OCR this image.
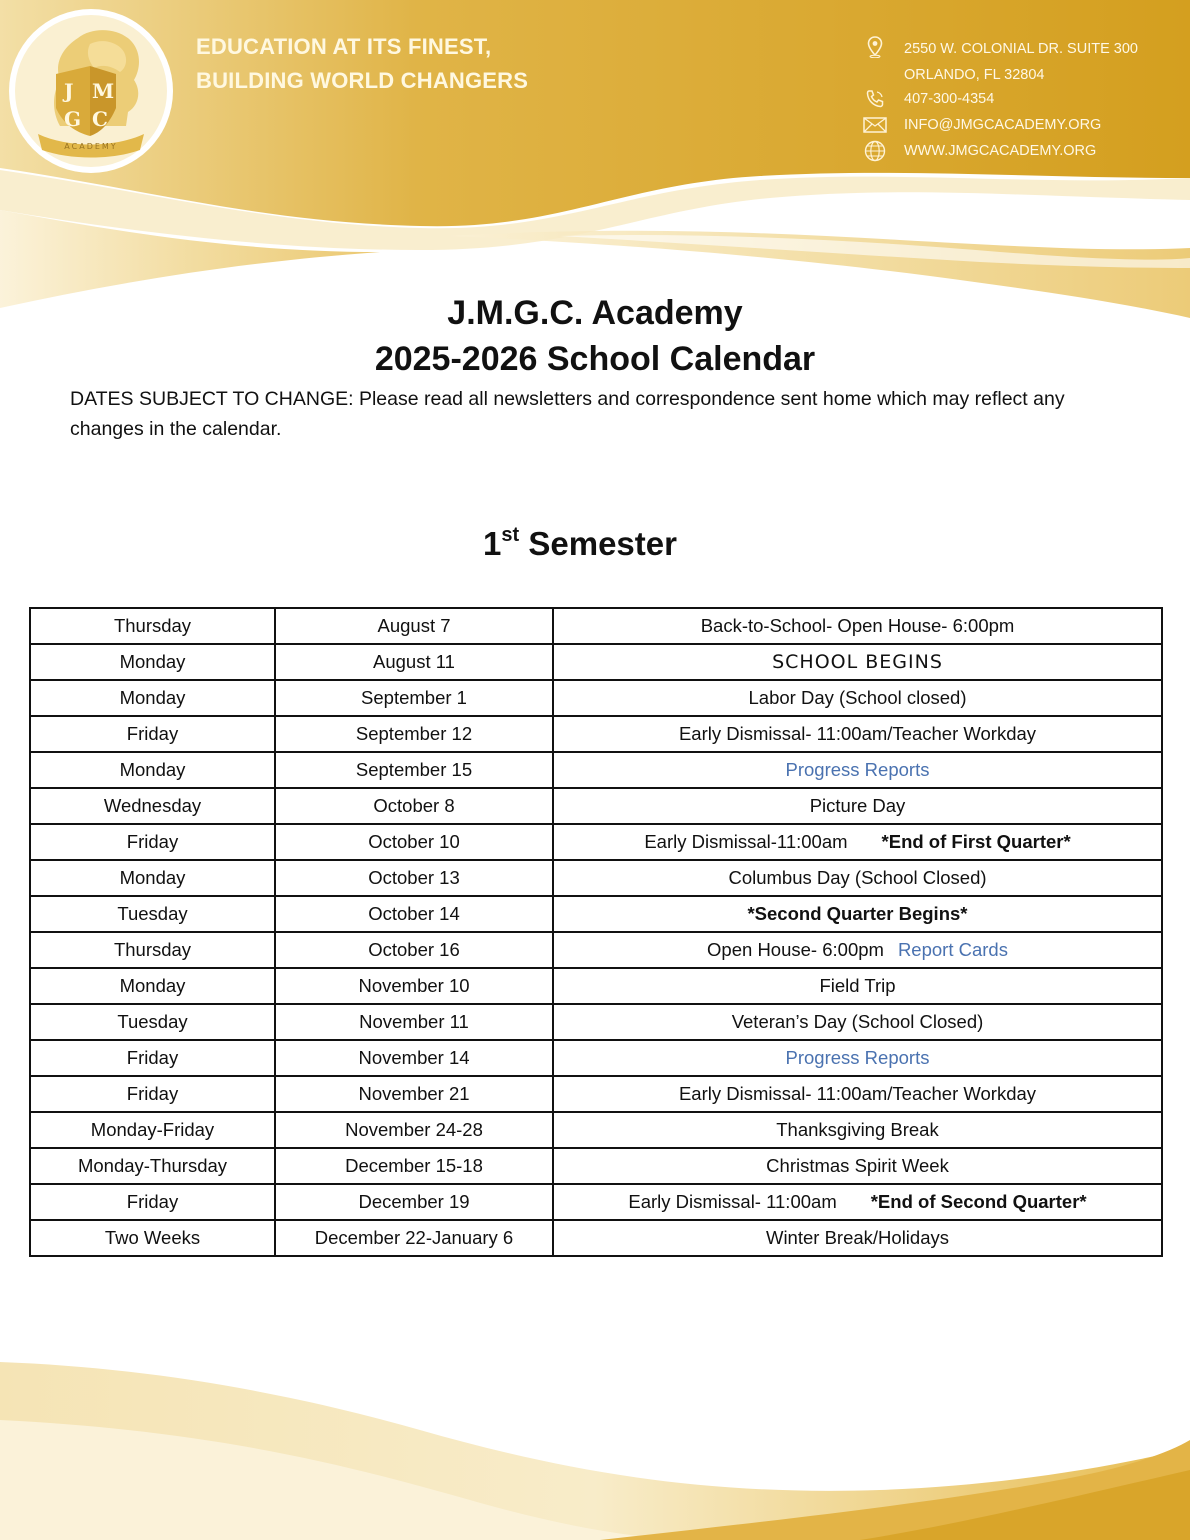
J M
G C
ACADEMY
EDUCATION AT ITS FINEST,
BUILDING WORLD CHANGERS
2550 W. COLONIAL DR. SUITE 300
ORLANDO, FL 32804
407-300-4354
INFO@JMGCACADEMY.ORG
WWW.JMGCACADEMY.ORG
J.M.G.C. Academy
2025-2026 School Calendar
DATES SUBJECT TO CHANGE: Please read all newsletters and correspondence sent home which may reflect any changes in the calendar.
1st Semester
Thursday	August 7	Back-to-School- Open House- 6:00pm
Monday	August 11	SCHOOL BEGINS
Monday	September 1	Labor Day (School closed)
Friday	September 12	Early Dismissal- 11:00am/Teacher Workday
Monday	September 15	Progress Reports
Wednesday	October 8	Picture Day
Friday	October 10	Early Dismissal-11:00am *End of First Quarter*
Monday	October 13	Columbus Day (School Closed)
Tuesday	October 14	*Second Quarter Begins*
Thursday	October 16	Open House- 6:00pm Report Cards
Monday	November 10	Field Trip
Tuesday	November 11	Veteran’s Day (School Closed)
Friday	November 14	Progress Reports
Friday	November 21	Early Dismissal- 11:00am/Teacher Workday
Monday-Friday	November 24-28	Thanksgiving Break
Monday-Thursday	December 15-18	Christmas Spirit Week
Friday	December 19	Early Dismissal- 11:00am *End of Second Quarter*
Two Weeks	December 22-January 6	Winter Break/Holidays
